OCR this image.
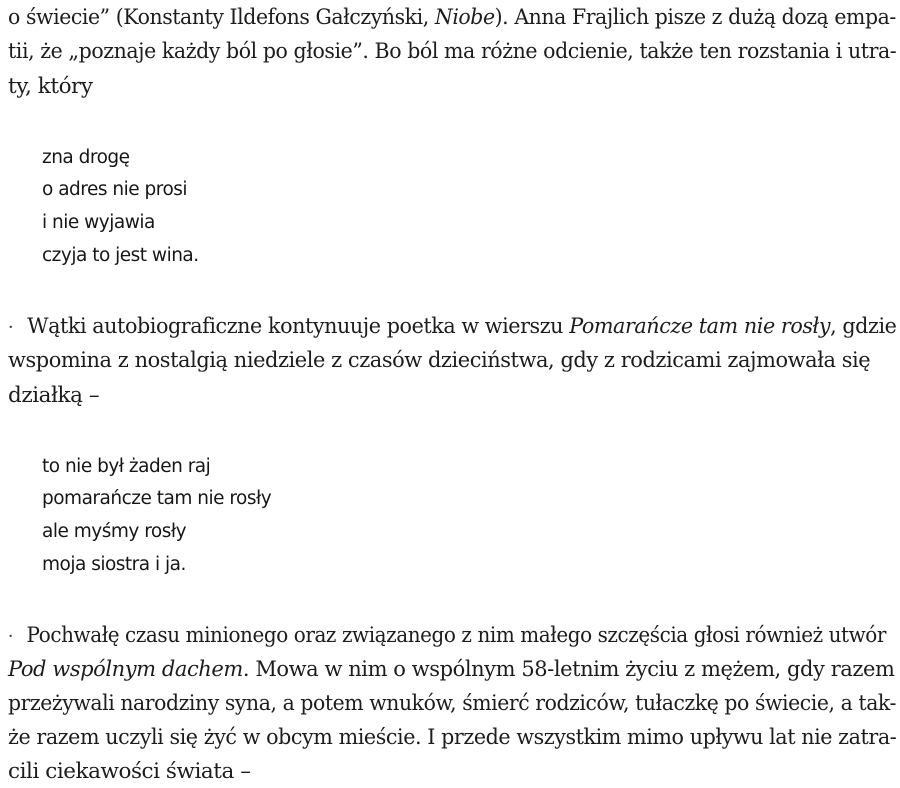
o świecie” (Konstanty Ildefons Gałczyński, Niobe). Anna Frajlich pisze z dużą dozą empa-
tii, że „poznaje każdy ból po głosie”. Bo ból ma różne odcienie, także ten rozstania i utra-
ty, który
zna drogę
o adres nie prosi
i nie wyjawia
czyja to jest wina.
· Wątki autobiograficzne kontynuuje poetka w wierszu Pomarańcze tam nie rosły, gdzie
wspomina z nostalgią niedziele z czasów dzieciństwa, gdy z rodzicami zajmowała się
działką –
to nie był żaden raj
pomarańcze tam nie rosły
ale myśmy rosły
moja siostra i ja.
· Pochwałę czasu minionego oraz związanego z nim małego szczęścia głosi również utwór
Pod wspólnym dachem. Mowa w nim o wspólnym 58-letnim życiu z mężem, gdy razem
przeżywali narodziny syna, a potem wnuków, śmierć rodziców, tułaczkę po świecie, a tak-
że razem uczyli się żyć w obcym mieście. I przede wszystkim mimo upływu lat nie zatra-
cili ciekawości świata –
